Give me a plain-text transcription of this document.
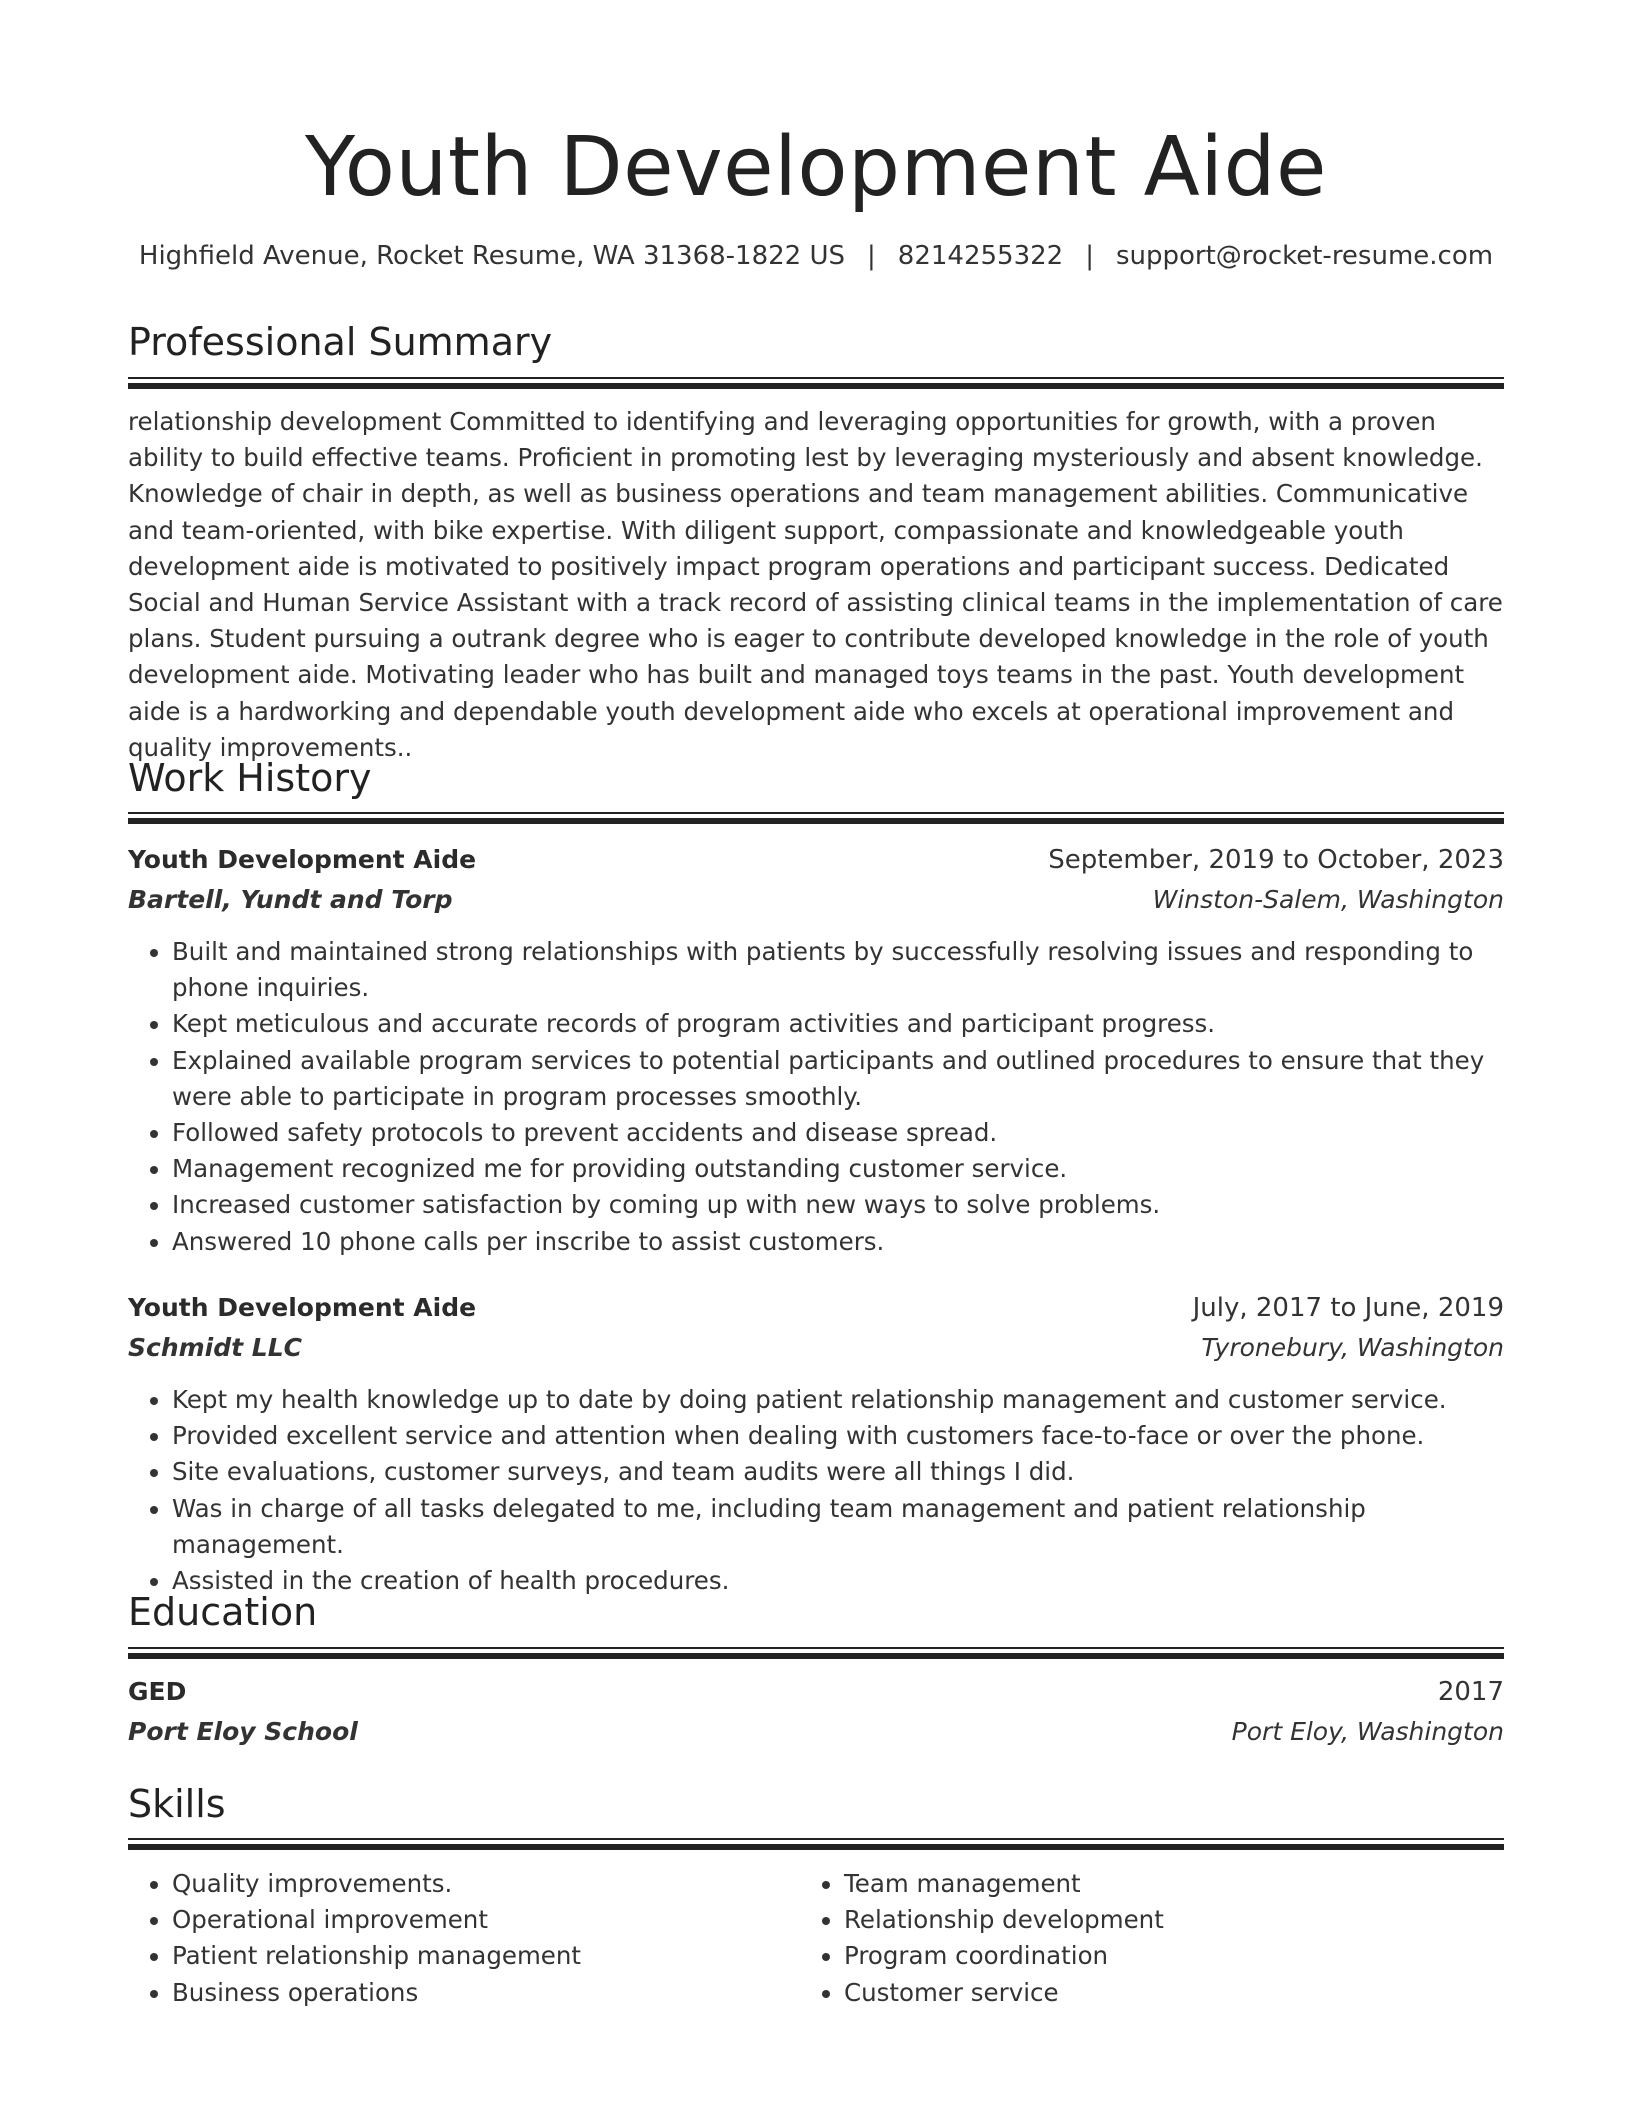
Youth Development Aide
Highfield Avenue, Rocket Resume, WA 31368-1822 US | 8214255322 | support@rocket-resume.com
Professional Summary

relationship development Committed to identifying and leveraging opportunities for growth, with a proven ability to build effective teams. Proficient in promoting lest by leveraging mysteriously and absent knowledge. Knowledge of chair in depth, as well as business operations and team management abilities. Communicative and team-oriented, with bike expertise. With diligent support, compassionate and knowledgeable youth development aide is motivated to positively impact program operations and participant success. Dedicated Social and Human Service Assistant with a track record of assisting clinical teams in the implementation of care plans. Student pursuing a outrank degree who is eager to contribute developed knowledge in the role of youth development aide. Motivating leader who has built and managed toys teams in the past. Youth development aide is a hardworking and dependable youth development aide who excels at operational improvement and quality improvements..

Work History
Youth Development Aide	September, 2019 to October, 2023
Bartell, Yundt and Torp	Winston-Salem, Washington
• Built and maintained strong relationships with patients by successfully resolving issues and responding to phone inquiries.
• Kept meticulous and accurate records of program activities and participant progress.
• Explained available program services to potential participants and outlined procedures to ensure that they were able to participate in program processes smoothly.
• Followed safety protocols to prevent accidents and disease spread.
• Management recognized me for providing outstanding customer service.
• Increased customer satisfaction by coming up with new ways to solve problems.
• Answered 10 phone calls per inscribe to assist customers.
Youth Development Aide	July, 2017 to June, 2019
Schmidt LLC	Tyronebury, Washington
• Kept my health knowledge up to date by doing patient relationship management and customer service.
• Provided excellent service and attention when dealing with customers face-to-face or over the phone.
• Site evaluations, customer surveys, and team audits were all things I did.
• Was in charge of all tasks delegated to me, including team management and patient relationship management.
• Assisted in the creation of health procedures.
Education
GED	2017
Port Eloy School	Port Eloy, Washington
Skills
• Quality improvements.
• Operational improvement
• Patient relationship management
• Business operations
• Team management
• Relationship development
• Program coordination
• Customer service
